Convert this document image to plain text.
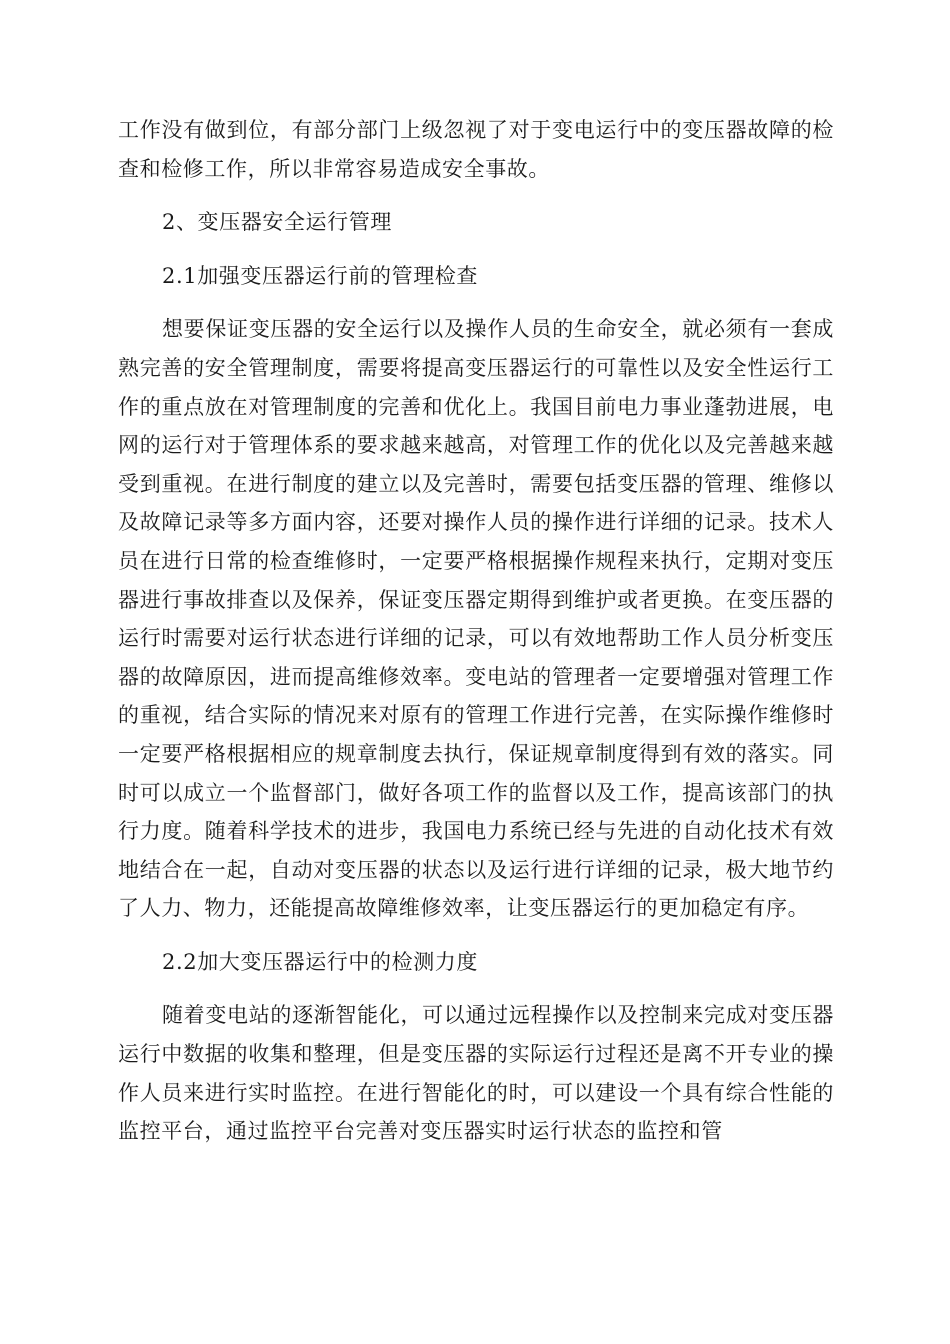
工作没有做到位，有部分部门上级忽视了对于变电运行中的变压器故障的检查和检修工作，所以非常容易造成安全事故。

2、变压器安全运行管理

2.1加强变压器运行前的管理检查

想要保证变压器的安全运行以及操作人员的生命安全，就必须有一套成熟完善的安全管理制度，需要将提高变压器运行的可靠性以及安全性运行工作的重点放在对管理制度的完善和优化上。我国目前电力事业蓬勃进展，电网的运行对于管理体系的要求越来越高，对管理工作的优化以及完善越来越受到重视。在进行制度的建立以及完善时，需要包括变压器的管理、维修以及故障记录等多方面内容，还要对操作人员的操作进行详细的记录。技术人员在进行日常的检查维修时，一定要严格根据操作规程来执行，定期对变压器进行事故排查以及保养，保证变压器定期得到维护或者更换。在变压器的运行时需要对运行状态进行详细的记录，可以有效地帮助工作人员分析变压器的故障原因，进而提高维修效率。变电站的管理者一定要增强对管理工作的重视，结合实际的情况来对原有的管理工作进行完善，在实际操作维修时一定要严格根据相应的规章制度去执行，保证规章制度得到有效的落实。同时可以成立一个监督部门，做好各项工作的监督以及工作，提高该部门的执行力度。随着科学技术的进步，我国电力系统已经与先进的自动化技术有效地结合在一起，自动对变压器的状态以及运行进行详细的记录，极大地节约了人力、物力，还能提高故障维修效率，让变压器运行的更加稳定有序。

2.2加大变压器运行中的检测力度

随着变电站的逐渐智能化，可以通过远程操作以及控制来完成对变压器运行中数据的收集和整理，但是变压器的实际运行过程还是离不开专业的操作人员来进行实时监控。在进行智能化的时，可以建设一个具有综合性能的监控平台，通过监控平台完善对变压器实时运行状态的监控和管
